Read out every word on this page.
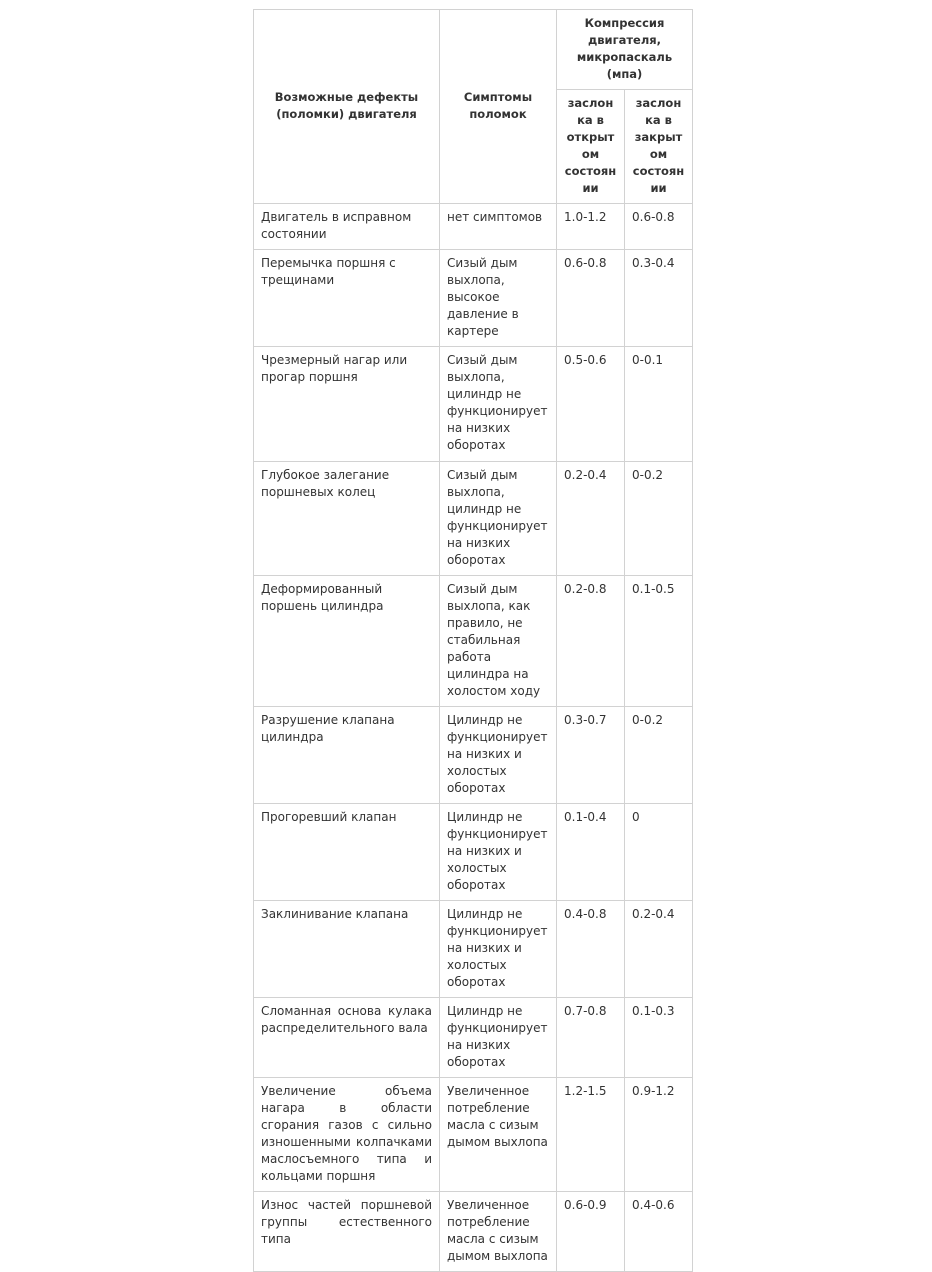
Возможные дефекты (поломки) двигателя	Симптомы поломок	Компрессия двигателя, микропаскаль (мпа)	
		заслонка в открытом состоянии	заслонка в закрытом состоянии
Двигатель в исправном состоянии	нет симптомов	1.0-1.2	0.6-0.8
Перемычка поршня с трещинами	Сизый дым выхлопа, высокое давление в картере	0.6-0.8	0.3-0.4
Чрезмерный нагар или прогар поршня	Сизый дым выхлопа, цилиндр не функционирует на низких оборотах	0.5-0.6	0-0.1
Глубокое залегание поршневых колец	Сизый дым выхлопа, цилиндр не функционирует на низких оборотах	0.2-0.4	0-0.2
Деформированный поршень цилиндра	Сизый дым выхлопа, как правило, не стабильная работа цилиндра на холостом ходу	0.2-0.8	0.1-0.5
Разрушение клапана цилиндра	Цилиндр не функционирует на низких и холостых оборотах	0.3-0.7	0-0.2
Прогоревший клапан	Цилиндр не функционирует на низких и холостых оборотах	0.1-0.4	0
Заклинивание клапана	Цилиндр не функционирует на низких и холостых оборотах	0.4-0.8	0.2-0.4
Сломанная основа кулака распределительного вала	Цилиндр не функционирует на низких оборотах	0.7-0.8	0.1-0.3
Увеличение объема нагара в области сгорания газов с сильно изношенными колпачками маслосъемного типа и кольцами поршня	Увеличенное потребление масла с сизым дымом выхлопа	1.2-1.5	0.9-1.2
Износ частей поршневой группы естественного типа	Увеличенное потребление масла с сизым дымом выхлопа	0.6-0.9	0.4-0.6
